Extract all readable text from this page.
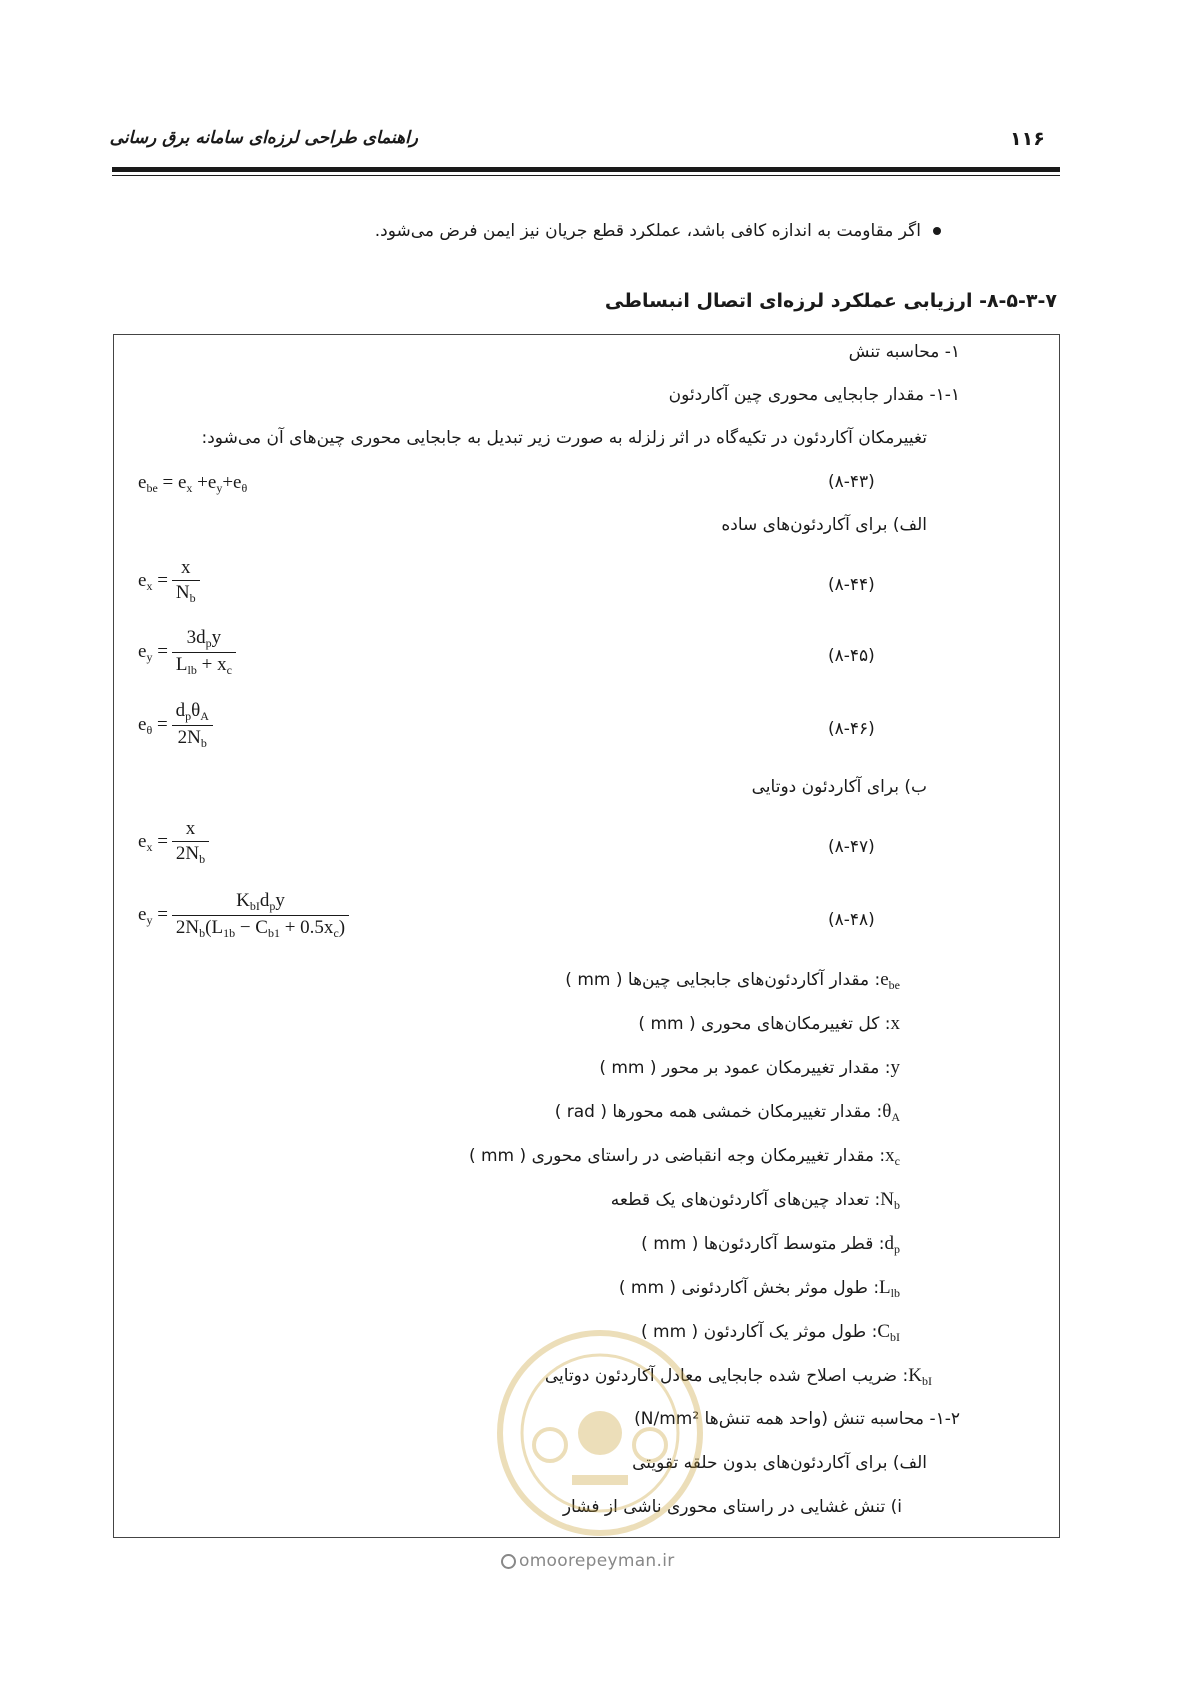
۱۱۶
راهنمای طراحی لرزه‌ای سامانه برق رسانی
اگر مقاومت به اندازه کافی باشد، عملکرد قطع جریان نیز ایمن فرض می‌شود.
۸-۵-۳-۷- ارزیابی عملکرد لرزه‌ای اتصال انبساطی
۱- محاسبه تنش
۱-۱- مقدار جابجایی محوری چین آکاردئون
تغییرمکان آکاردئون در تکیه‌گاه در اثر زلزله به صورت زیر تبدیل به جابجایی محوری چین‌های آن می‌شود:
$e_{be} = e_x +e_y+e_\theta$	(۸-۴۳)
الف) برای آکاردئون‌های ساده
$e_x = \frac{x}{N_b}$	(۸-۴۴)
$e_y = \frac{3d_py}{L_{lb} + x_c}$	(۸-۴۵)
$e_\theta = \frac{d_p\theta_A}{2N_b}$	(۸-۴۶)
ب) برای آکاردئون دوتایی
$e_x = \frac{x}{2N_b}$	(۸-۴۷)
$e_y = \frac{K_{bI}d_py}{2N_b(L_{1b} - C_{b1} + 0.5x_c)}$	(۸-۴۸)
$e_{be}$: مقدار آکاردئون‌های جابجایی چین‌ها ( mm )
x: کل تغییرمکان‌های محوری ( mm )
y: مقدار تغییرمکان عمود بر محور ( mm )
$\theta_A$: مقدار تغییرمکان خمشی همه محورها ( rad )
$x_c$: مقدار تغییرمکان وجه انقباضی در راستای محوری ( mm )
$N_b$: تعداد چین‌های آکاردئون‌های یک قطعه
$d_p$: قطر متوسط آکاردئون‌ها ( mm )
$L_{lb}$: طول موثر بخش آکاردئونی ( mm )
$C_{bI}$: طول موثر یک آکاردئون ( mm )
$K_{bI}$: ضریب اصلاح شده جابجایی معادل آکاردئون دوتایی
۱-۲- محاسبه تنش (واحد همه تنش‌ها N/mm²)
الف) برای آکاردئون‌های بدون حلقه تقویتی
i) تنش غشایی در راستای محوری ناشی از فشار
omoorepeyman.ir
